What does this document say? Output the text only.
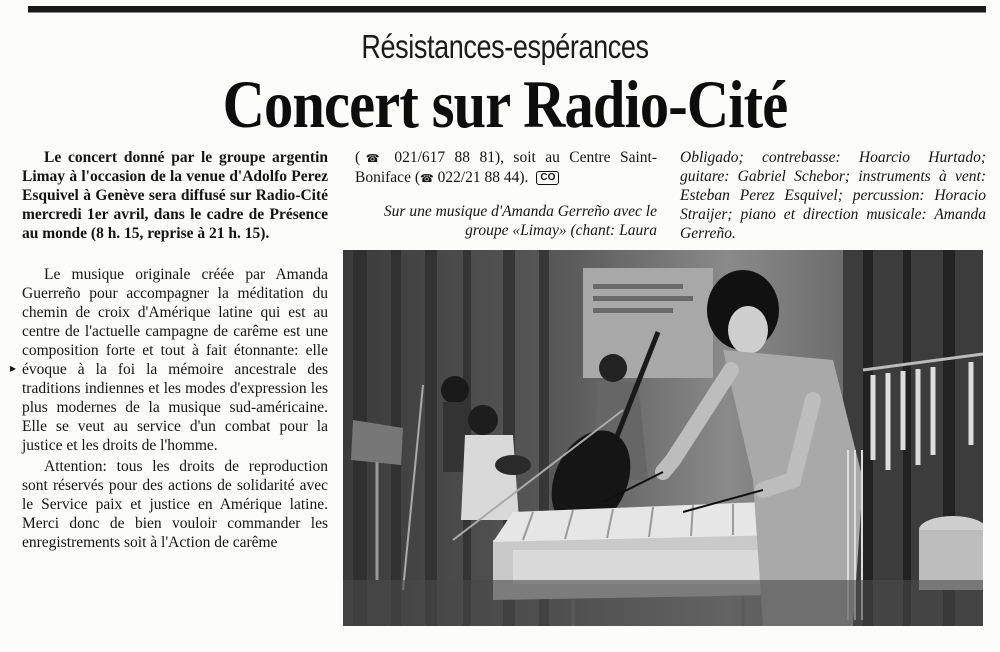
Résistances-espérances
Concert sur Radio-Cité

Le concert donné par le groupe argentin Limay à l'occasion de la venue d'Adolfo Perez Esquivel à Genève sera diffusé sur Radio-Cité mercredi 1er avril, dans le cadre de Présence au monde (8 h. 15, reprise à 21 h. 15).

Le musique originale créée par Amanda Guerreño pour accompagner la méditation du chemin de croix d'Amérique latine qui est au centre de l'actuelle campagne de carême est une composition forte et tout à fait étonnante: elle évoque à la foi la mémoire ancestrale des traditions indiennes et les modes d'expression les plus modernes de la musique sud-américaine. Elle se veut au service d'un combat pour la justice et les droits de l'homme.

Attention: tous les droits de reproduction sont réservés pour des actions de solidarité avec le Service paix et justice en Amérique latine. Merci donc de bien vouloir commander les enregistrements soit à l'Action de carême

▸

(☎ 021/617 88 81), soit au Centre Saint-Boniface (☎ 022/21 88 44). CO

Sur une musique d'Amanda Gerreño avec le groupe «Limay» (chant: Laura

Obligado; contrebasse: Hoarcio Hurtado; guitare: Gabriel Schebor; instruments à vent: Esteban Perez Esquivel; percussion: Horacio Straijer; piano et direction musicale: Amanda Gerreño.
